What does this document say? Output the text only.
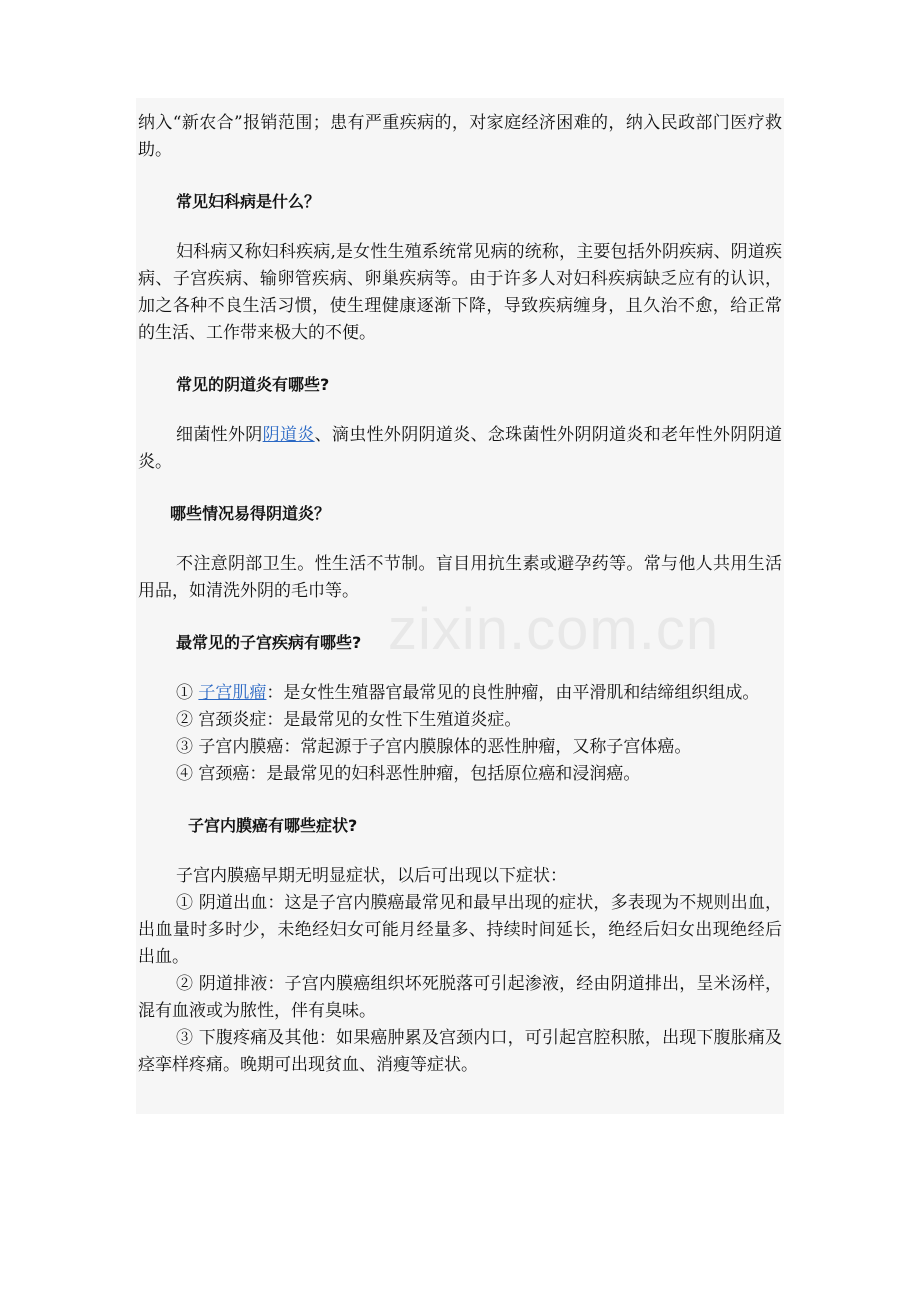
纳入“新农合”报销范围；患有严重疾病的，对家庭经济困难的，纳入民政部门医疗救助。

常见妇科病是什么？

妇科病又称妇科疾病,是女性生殖系统常见病的统称，主要包括外阴疾病、阴道疾病、子宫疾病、输卵管疾病、卵巢疾病等。由于许多人对妇科疾病缺乏应有的认识，加之各种不良生活习惯，使生理健康逐渐下降，导致疾病缠身，且久治不愈，给正常的生活、工作带来极大的不便。

常见的阴道炎有哪些?

细菌性外阴阴道炎、滴虫性外阴阴道炎、念珠菌性外阴阴道炎和老年性外阴阴道炎。

哪些情况易得阴道炎？

不注意阴部卫生。性生活不节制。盲目用抗生素或避孕药等。常与他人共用生活用品，如清洗外阴的毛巾等。

最常见的子宫疾病有哪些?

① 子宫肌瘤：是女性生殖器官最常见的良性肿瘤，由平滑肌和结缔组织组成。

② 宫颈炎症：是最常见的女性下生殖道炎症。

③ 子宫内膜癌：常起源于子宫内膜腺体的恶性肿瘤，又称子宫体癌。

④ 宫颈癌：是最常见的妇科恶性肿瘤，包括原位癌和浸润癌。

子宫内膜癌有哪些症状?

子宫内膜癌早期无明显症状，以后可出现以下症状：

① 阴道出血：这是子宫内膜癌最常见和最早出现的症状，多表现为不规则出血，出血量时多时少，未绝经妇女可能月经量多、持续时间延长，绝经后妇女出现绝经后出血。

② 阴道排液：子宫内膜癌组织坏死脱落可引起渗液，经由阴道排出，呈米汤样，混有血液或为脓性，伴有臭味。

③ 下腹疼痛及其他：如果癌肿累及宫颈内口，可引起宫腔积脓，出现下腹胀痛及痉挛样疼痛。晚期可出现贫血、消瘦等症状。
